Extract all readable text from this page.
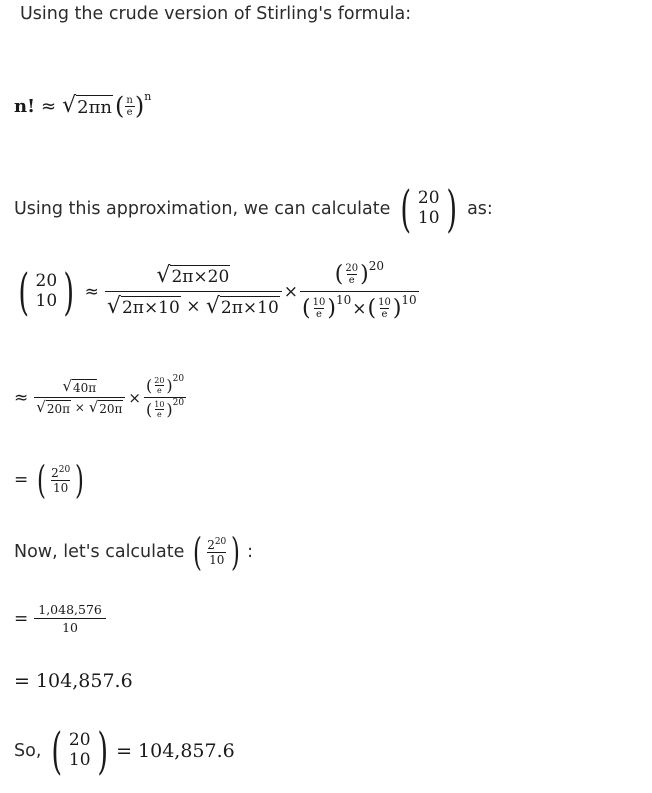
Using the crude version of Stirling's formula:
n! ≈ √ 2πn ( $\frac{n}{e}$ ) n
Using this approximation, we can calculate ( 20
10 ) as:
( 20
10 ) ≈
√ 2π×20
√ 2π×10 × √ 2π×10
×
( $\frac{20}{e}$ ) 20
( $\frac{10}{e}$ ) 10 × ( $\frac{10}{e}$ ) 10
≈ $\frac{√ 40\pi}{√ 20\pi \times √ 20\pi}$ ×
( $\frac{20}{e}$ ) 20
( $\frac{10}{e}$ ) 20
= ( $\frac{2^{20}}{10}$ )
Now, let's calculate ( $\frac{2^{20}}{10}$ ) :
= $\frac{1,048,576}{10}$
= 104,857.6
So, ( 20
10 ) = 104,857.6
